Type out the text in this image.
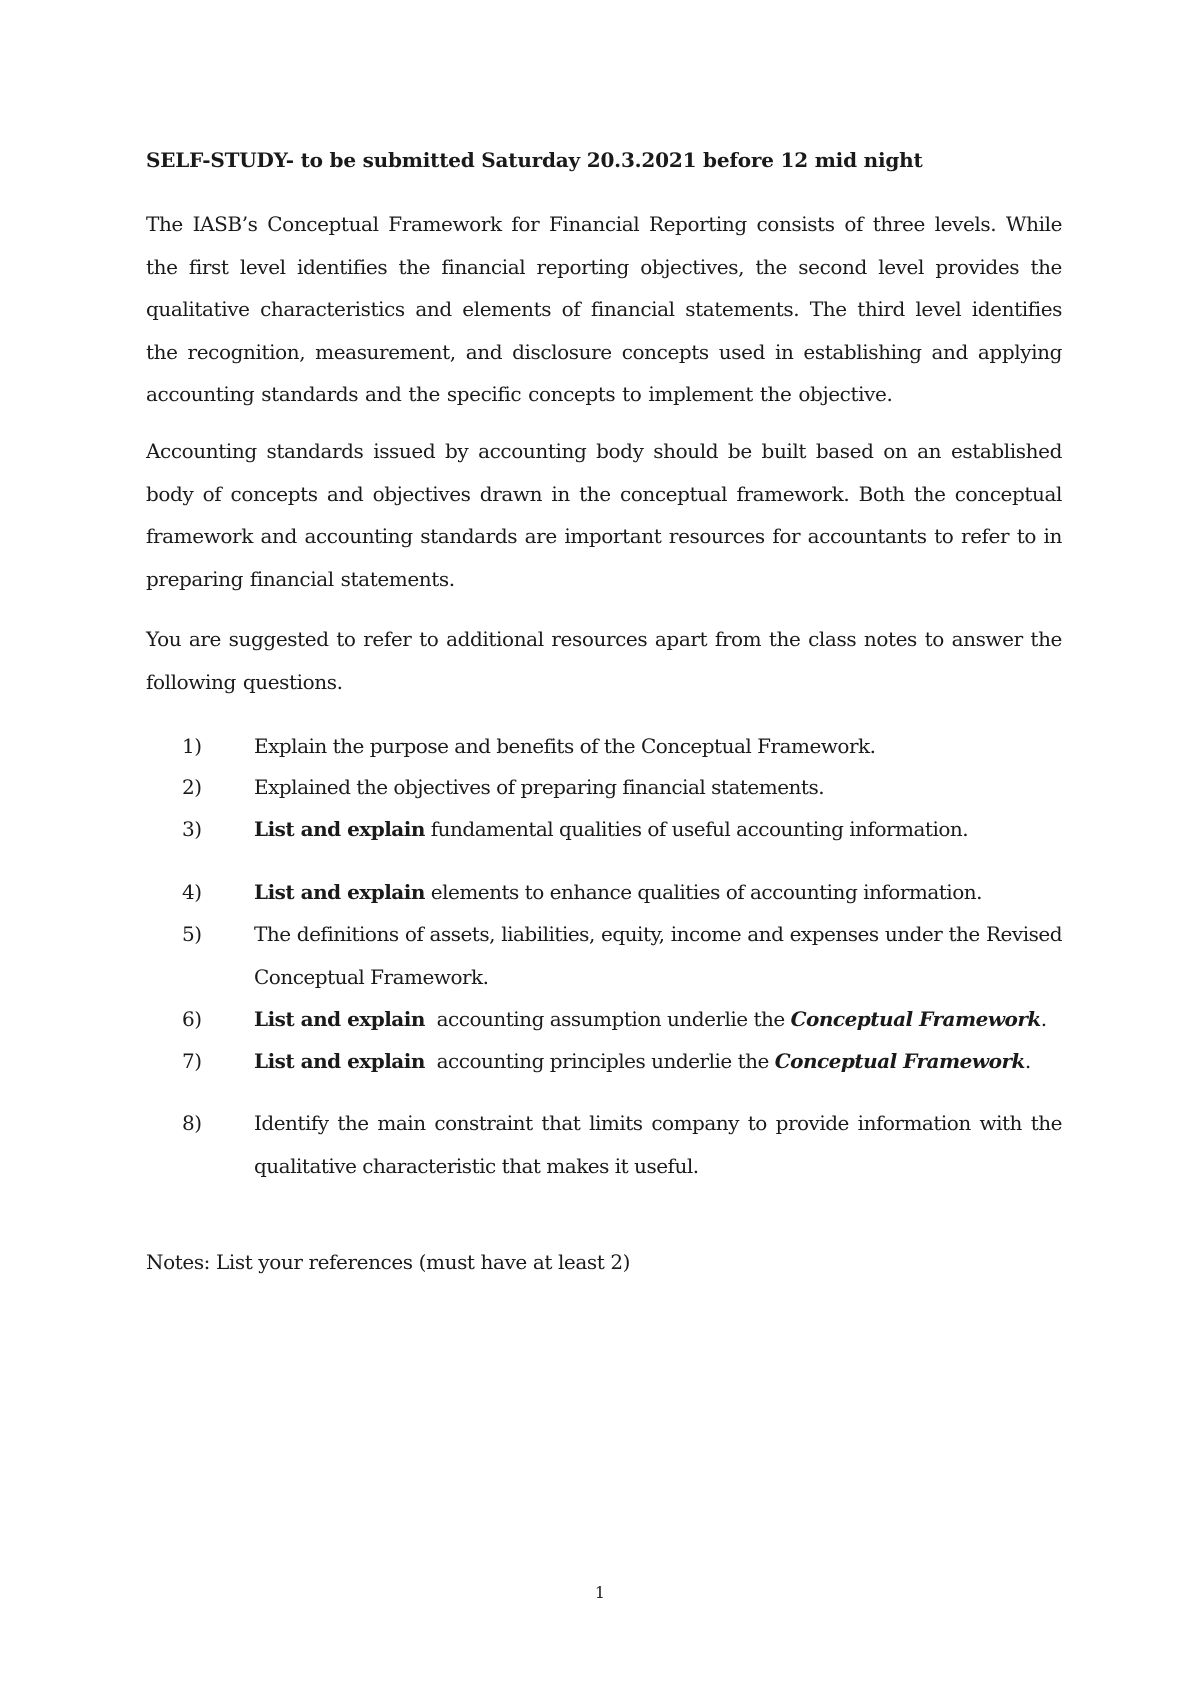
SELF-STUDY- to be submitted Saturday 20.3.2021 before 12 mid night
The IASB’s Conceptual Framework for Financial Reporting consists of three levels. While the first level identifies the financial reporting objectives, the second level provides the qualitative characteristics and elements of financial statements. The third level identifies the recognition, measurement, and disclosure concepts used in establishing and applying accounting standards and the specific concepts to implement the objective.
Accounting standards issued by accounting body should be built based on an established body of concepts and objectives drawn in the conceptual framework. Both the conceptual framework and accounting standards are important resources for accountants to refer to in preparing financial statements.
You are suggested to refer to additional resources apart from the class notes to answer the following questions.
1)	Explain the purpose and benefits of the Conceptual Framework.
2)	Explained the objectives of preparing financial statements.
3)	List and explain fundamental qualities of useful accounting information.
4)	List and explain elements to enhance qualities of accounting information.
5)	The definitions of assets, liabilities, equity, income and expenses under the Revised Conceptual Framework.
6)	List and explain  accounting assumption underlie the Conceptual Framework.
7)	List and explain  accounting principles underlie the Conceptual Framework.
8)	Identify the main constraint that limits company to provide information with the qualitative characteristic that makes it useful.
Notes: List your references (must have at least 2)
1
